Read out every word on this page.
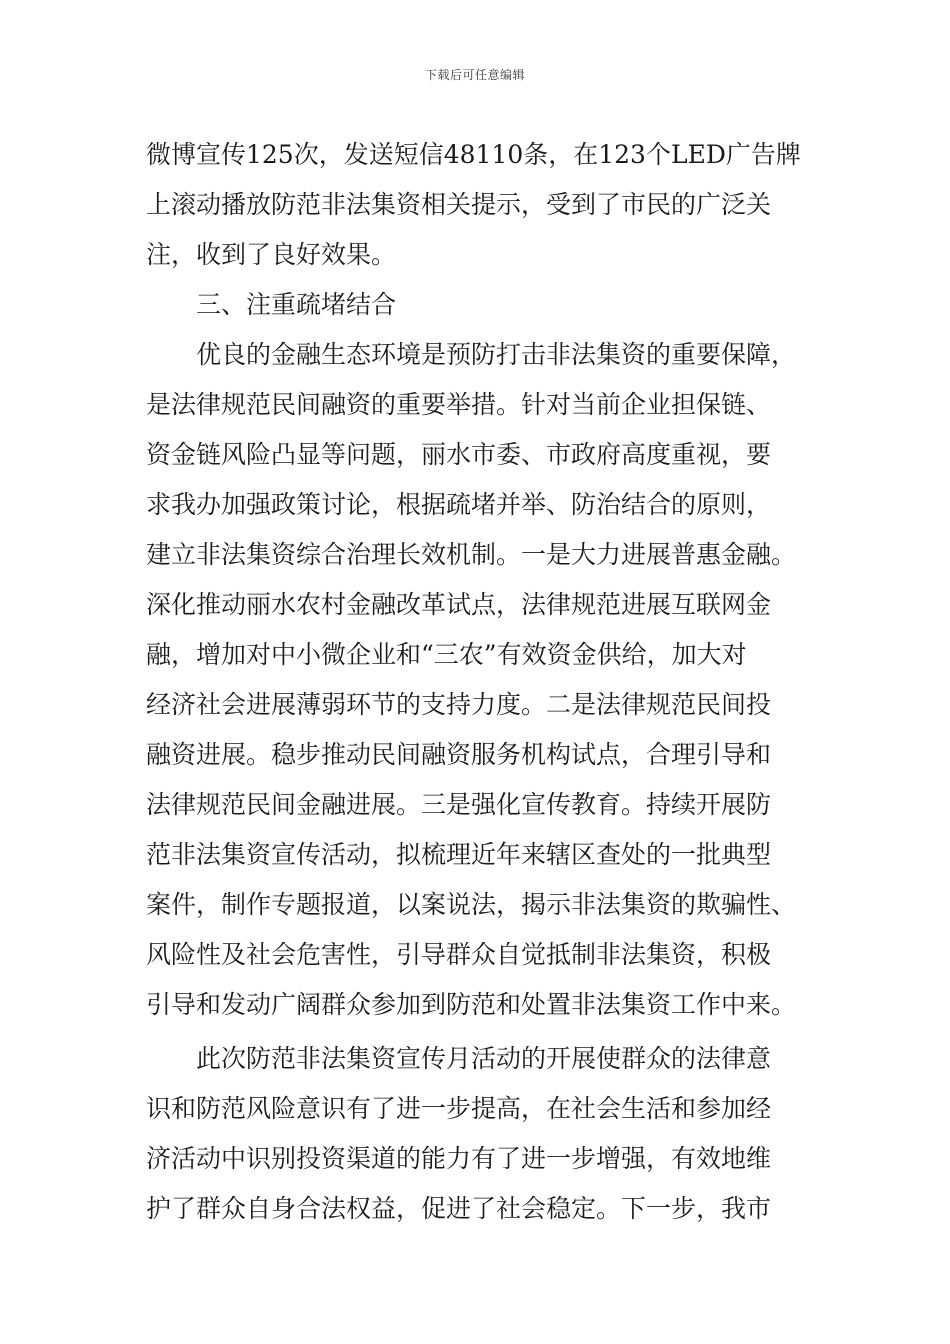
下载后可任意编辑
微博宣传125次，发送短信48110条，在123个LED广告牌
上滚动播放防范非法集资相关提示，受到了市民的广泛关
注，收到了良好效果。
　　三、注重疏堵结合
　　优良的金融生态环境是预防打击非法集资的重要保障，
是法律规范民间融资的重要举措。针对当前企业担保链、
资金链风险凸显等问题，丽水市委、市政府高度重视，要
求我办加强政策讨论，根据疏堵并举、防治结合的原则，
建立非法集资综合治理长效机制。一是大力进展普惠金融。
深化推动丽水农村金融改革试点，法律规范进展互联网金
融，增加对中小微企业和“三农”有效资金供给，加大对
经济社会进展薄弱环节的支持力度。二是法律规范民间投
融资进展。稳步推动民间融资服务机构试点，合理引导和
法律规范民间金融进展。三是强化宣传教育。持续开展防
范非法集资宣传活动，拟梳理近年来辖区查处的一批典型
案件，制作专题报道，以案说法，揭示非法集资的欺骗性、
风险性及社会危害性，引导群众自觉抵制非法集资，积极
引导和发动广阔群众参加到防范和处置非法集资工作中来。
　　此次防范非法集资宣传月活动的开展使群众的法律意
识和防范风险意识有了进一步提高，在社会生活和参加经
济活动中识别投资渠道的能力有了进一步增强，有效地维
护了群众自身合法权益，促进了社会稳定。下一步，我市
